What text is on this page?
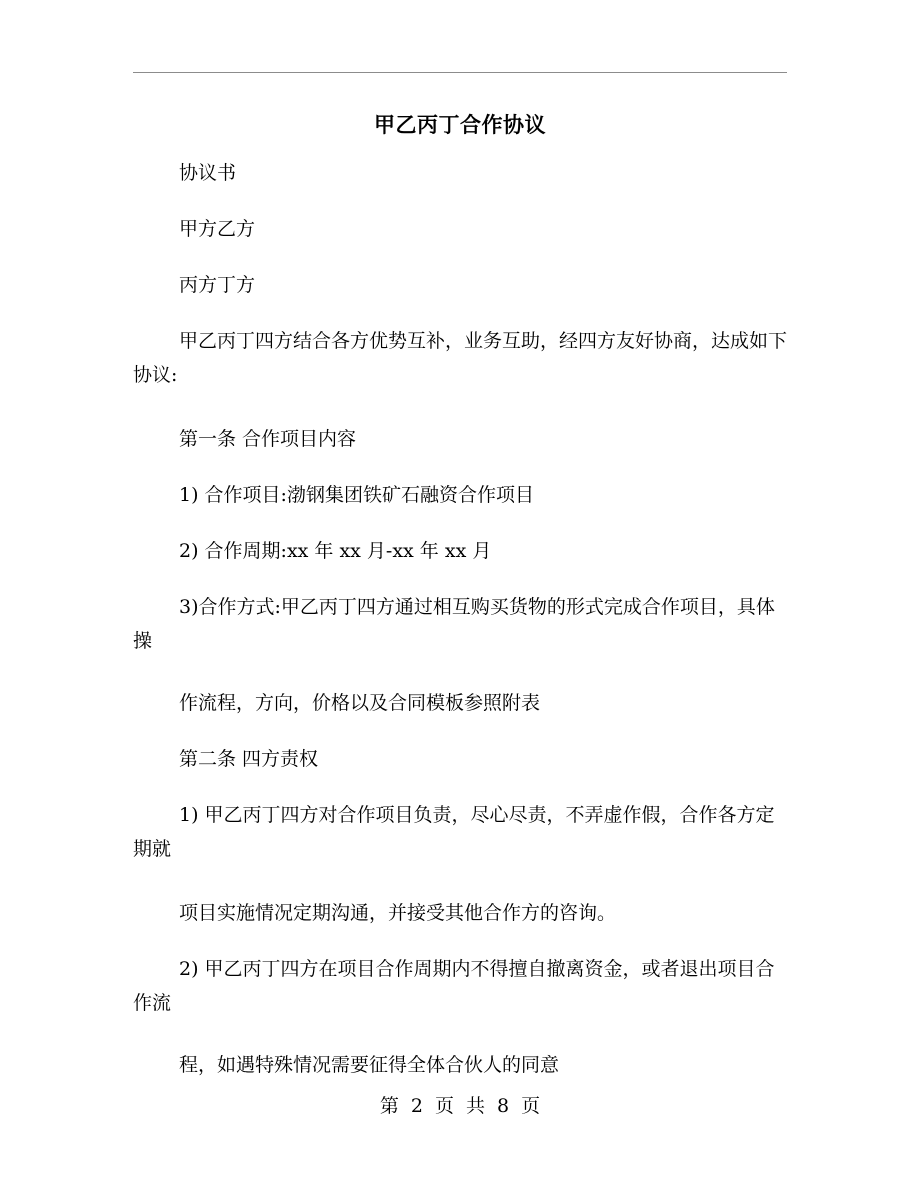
甲乙丙丁合作协议

协议书

甲方乙方

丙方丁方

甲乙丙丁四方结合各方优势互补，业务互助，经四方友好协商，达成如下协议:

第一条 合作项目内容

1) 合作项目:渤钢集团铁矿石融资合作项目

2) 合作周期:xx 年 xx 月-xx 年 xx 月

3)合作方式:甲乙丙丁四方通过相互购买货物的形式完成合作项目，具体操

作流程，方向，价格以及合同模板参照附表

第二条 四方责权

1) 甲乙丙丁四方对合作项目负责，尽心尽责，不弄虚作假，合作各方定期就

项目实施情况定期沟通，并接受其他合作方的咨询。

2) 甲乙丙丁四方在项目合作周期内不得擅自撤离资金，或者退出项目合作流

程，如遇特殊情况需要征得全体合伙人的同意

第 2 页 共 8 页
